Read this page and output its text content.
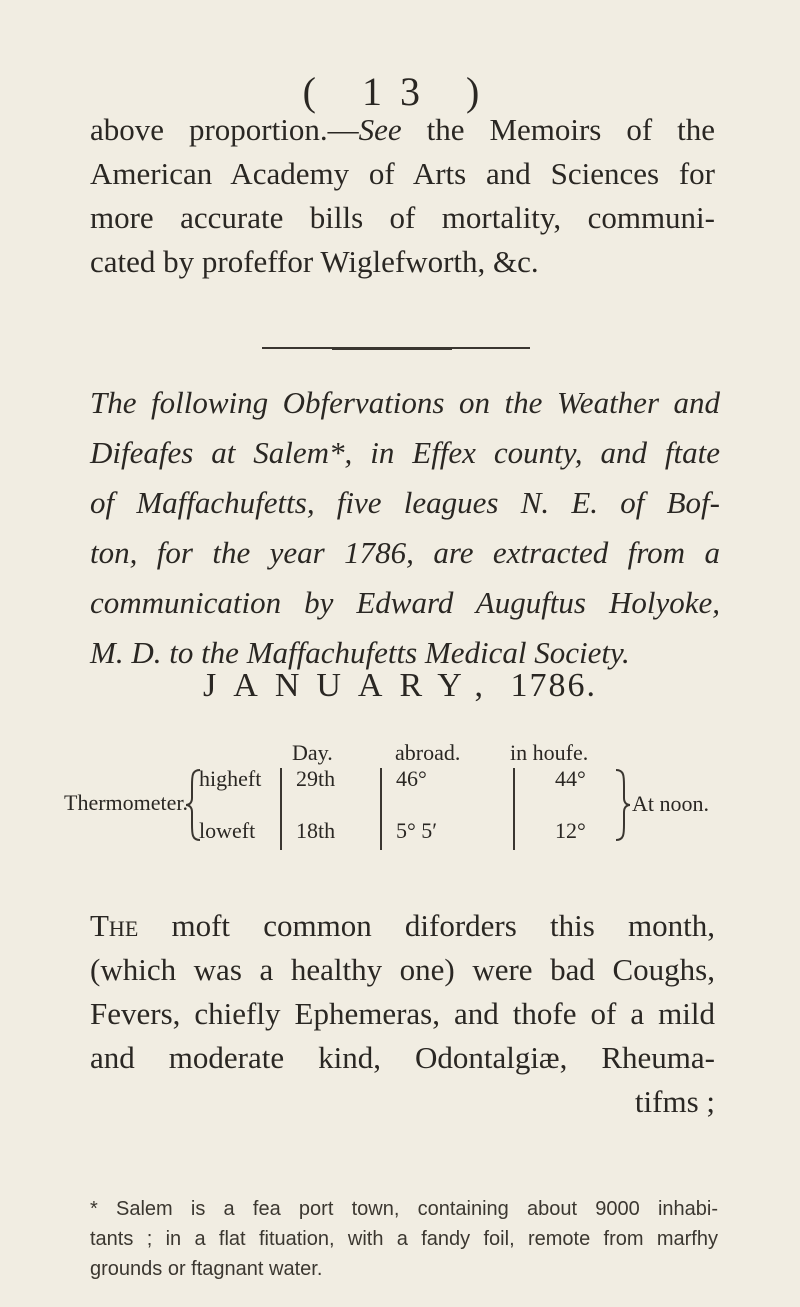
( 13 )
above proportion.—See the Memoirs of the
American Academy of Arts and Sciences for
more accurate bills of mortality, communi-
cated by profeffor Wiglefworth, &c.
The following Obfervations on the Weather and
Difeafes at Salem*, in Effex county, and ftate
of Maffachufetts, five leagues N. E. of Bof-
ton, for the year 1786, are extracted from a
communication by Edward Auguftus Holyoke,
M. D. to the Maffachufetts Medical Society.
JANUARY, 1786.
Day.	abroad. in houfe.
Thermometer.
higheft
loweft
29th
18th
46°
5° 5′
44°
12°
At noon.
The moft common diforders this month,
(which was a healthy one) were bad Coughs,
Fevers, chiefly Ephemeras, and thofe of a mild
and moderate kind, Odontalgiæ, Rheuma-
tifms ;
* Salem is a fea port town, containing about 9000 inhabi-
tants ; in a flat fituation, with a fandy foil, remote from marfhy
grounds or ftagnant water.
